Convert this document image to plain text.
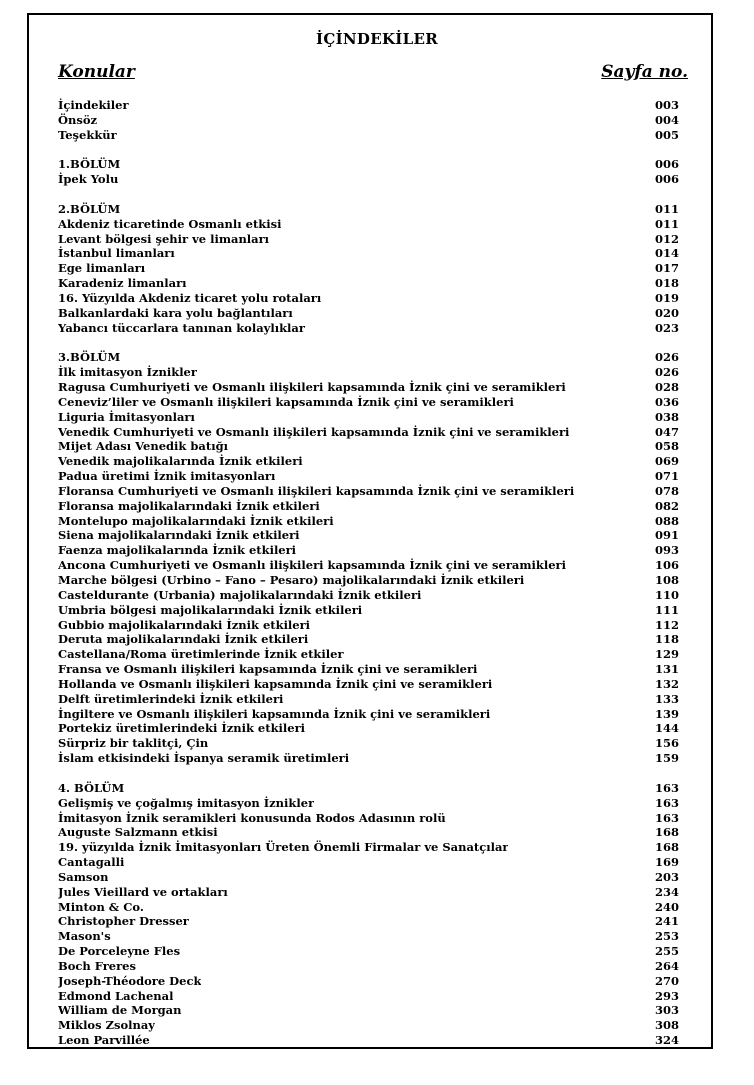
İÇİNDEKİLER
Konular	Sayfa no.
İçindekiler	003
Önsöz	004
Teşekkür	005
1.BÖLÜM	006
İpek Yolu	006
2.BÖLÜM	011
Akdeniz ticaretinde Osmanlı etkisi	011
Levant bölgesi şehir ve limanları	012
İstanbul limanları	014
Ege limanları	017
Karadeniz limanları	018
16. Yüzyılda Akdeniz ticaret yolu rotaları	019
Balkanlardaki kara yolu bağlantıları	020
Yabancı tüccarlara tanınan kolaylıklar	023
3.BÖLÜM	026
İlk imitasyon İznikler	026
Ragusa Cumhuriyeti ve Osmanlı ilişkileri kapsamında İznik çini ve seramikleri	028
Ceneviz’liler ve Osmanlı ilişkileri kapsamında İznik çini ve seramikleri	036
Liguria İmitasyonları	038
Venedik Cumhuriyeti ve Osmanlı ilişkileri kapsamında İznik çini ve seramikleri	047
Mijet Adası Venedik batığı	058
Venedik majolikalarında İznik etkileri	069
Padua üretimi İznik imitasyonları	071
Floransa Cumhuriyeti ve Osmanlı ilişkileri kapsamında İznik çini ve seramikleri	078
Floransa majolikalarındaki İznik etkileri	082
Montelupo majolikalarındaki İznik etkileri	088
Siena majolikalarındaki İznik etkileri	091
Faenza majolikalarında İznik etkileri	093
Ancona Cumhuriyeti ve Osmanlı ilişkileri kapsamında İznik çini ve seramikleri	106
Marche bölgesi (Urbino – Fano – Pesaro) majolikalarındaki İznik etkileri	108
Casteldurante (Urbania) majolikalarındaki İznik etkileri	110
Umbria bölgesi majolikalarındaki İznik etkileri	111
Gubbio majolikalarındaki İznik etkileri	112
Deruta majolikalarındaki İznik etkileri	118
Castellana/Roma üretimlerinde İznik etkiler	129
Fransa ve Osmanlı ilişkileri kapsamında İznik çini ve seramikleri	131
Hollanda ve Osmanlı ilişkileri kapsamında İznik çini ve seramikleri	132
Delft üretimlerindeki İznik etkileri	133
İngiltere ve Osmanlı ilişkileri kapsamında İznik çini ve seramikleri	139
Portekiz üretimlerindeki İznik etkileri	144
Sürpriz bir taklitçi, Çin	156
İslam etkisindeki İspanya seramik üretimleri	159
4. BÖLÜM	163
Gelişmiş ve çoğalmış imitasyon İznikler	163
İmitasyon İznik seramikleri konusunda Rodos Adasının rolü	163
Auguste Salzmann etkisi	168
19. yüzyılda İznik İmitasyonları Üreten Önemli Firmalar ve Sanatçılar	168
Cantagalli	169
Samson	203
Jules Vieillard ve ortakları	234
Minton & Co.	240
Christopher Dresser	241
Mason's	253
De Porceleyne Fles	255
Boch Freres	264
Joseph-Théodore Deck	270
Edmond Lachenal	293
William de Morgan	303
Miklos Zsolnay	308
Leon Parvillée	324
